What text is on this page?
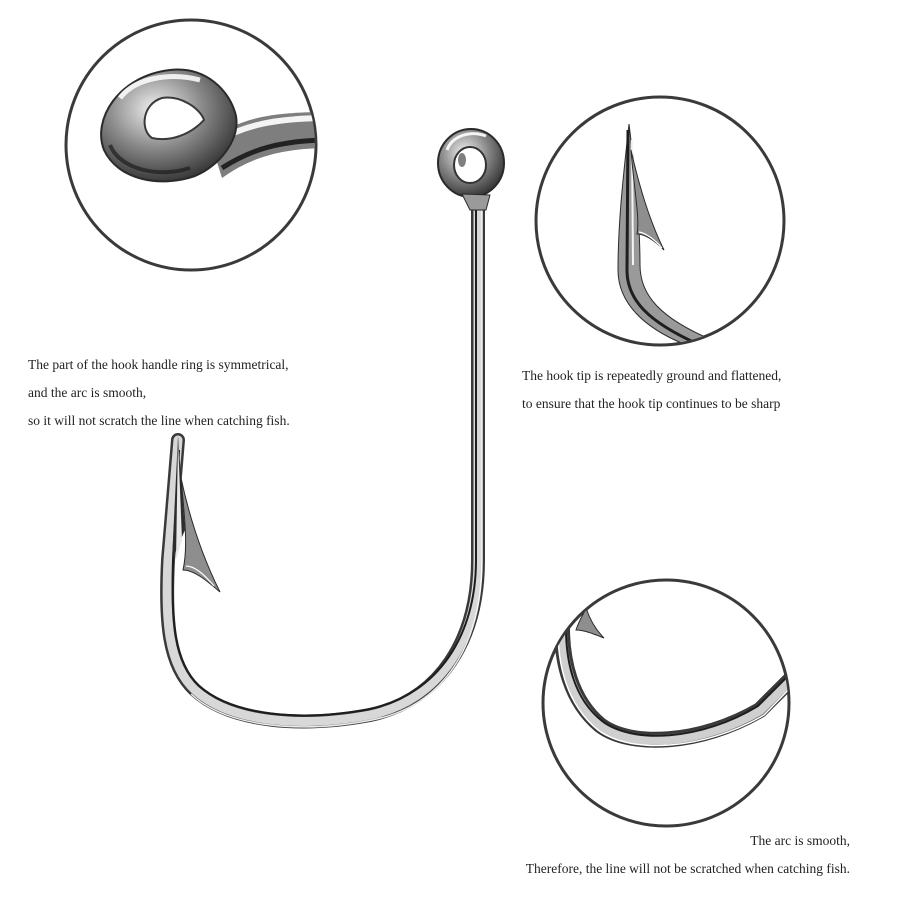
The part of the hook handle ring is symmetrical,
and the arc is smooth,
so it will not scratch the line when catching fish.
The hook tip is repeatedly ground and flattened,
to ensure that the hook tip continues to be sharp
The arc is smooth,
Therefore, the line will not be scratched when catching fish.
